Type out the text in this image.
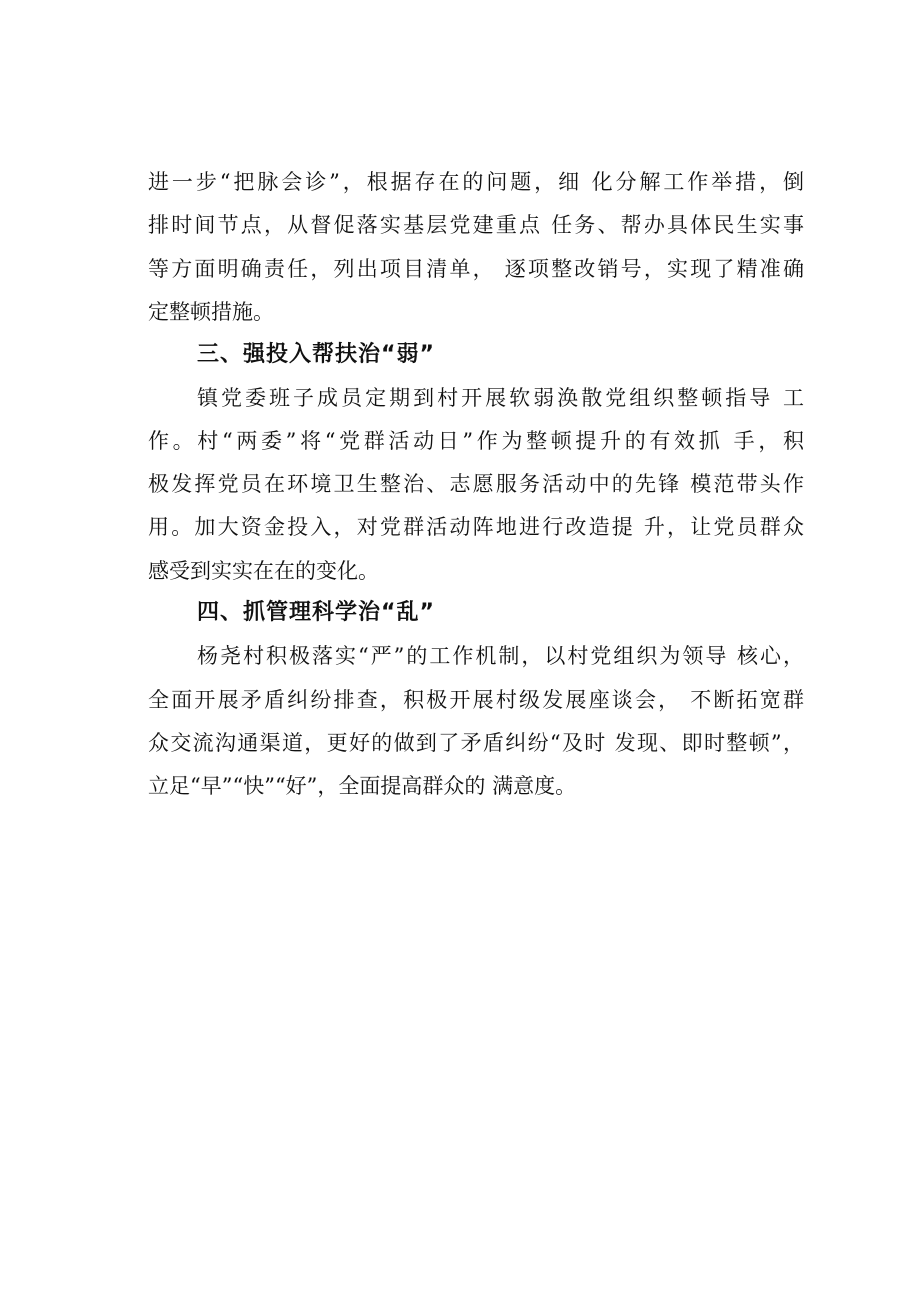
进一步“把脉会诊”，根据存在的问题，细 化分解工作举措，倒
排时间节点，从督促落实基层党建重点 任务、帮办具体民生实事
等方面明确责任，列出项目清单， 逐项整改销号，实现了精准确
定整顿措施。
三、强投入帮扶治“弱”
镇党委班子成员定期到村开展软弱涣散党组织整顿指导 工
作。村“两委”将“党群活动日”作为整顿提升的有效抓 手，积
极发挥党员在环境卫生整治、志愿服务活动中的先锋 模范带头作
用。加大资金投入，对党群活动阵地进行改造提 升，让党员群众
感受到实实在在的变化。
四、抓管理科学治“乱”
杨尧村积极落实“严”的工作机制，以村党组织为领导 核心，
全面开展矛盾纠纷排查，积极开展村级发展座谈会， 不断拓宽群
众交流沟通渠道，更好的做到了矛盾纠纷“及时 发现、即时整顿”，
立足“早”“快”“好”，全面提高群众的 满意度。
